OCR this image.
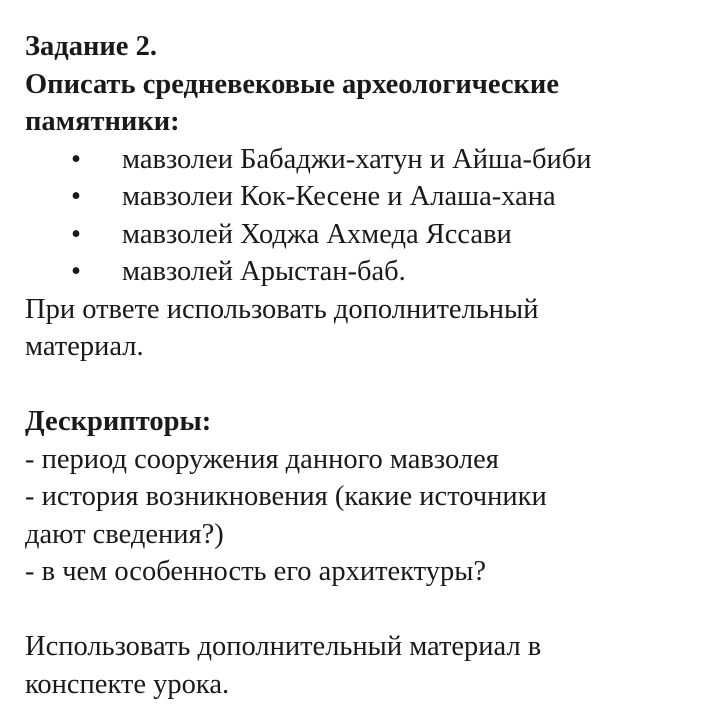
Задание 2.
Описать средневековые археологические
памятники:
• мавзолеи Бабаджи-хатун и Айша-биби
• мавзолеи Кок-Кесене и Алаша-хана
• мавзолей Ходжа Ахмеда Яссави
• мавзолей Арыстан-баб.
При ответе использовать дополнительный
материал.
Дескрипторы:
- период сооружения данного мавзолея
- история возникновения (какие источники
дают сведения?)
- в чем особенность его архитектуры?
Использовать дополнительный материал в
конспекте урока.
